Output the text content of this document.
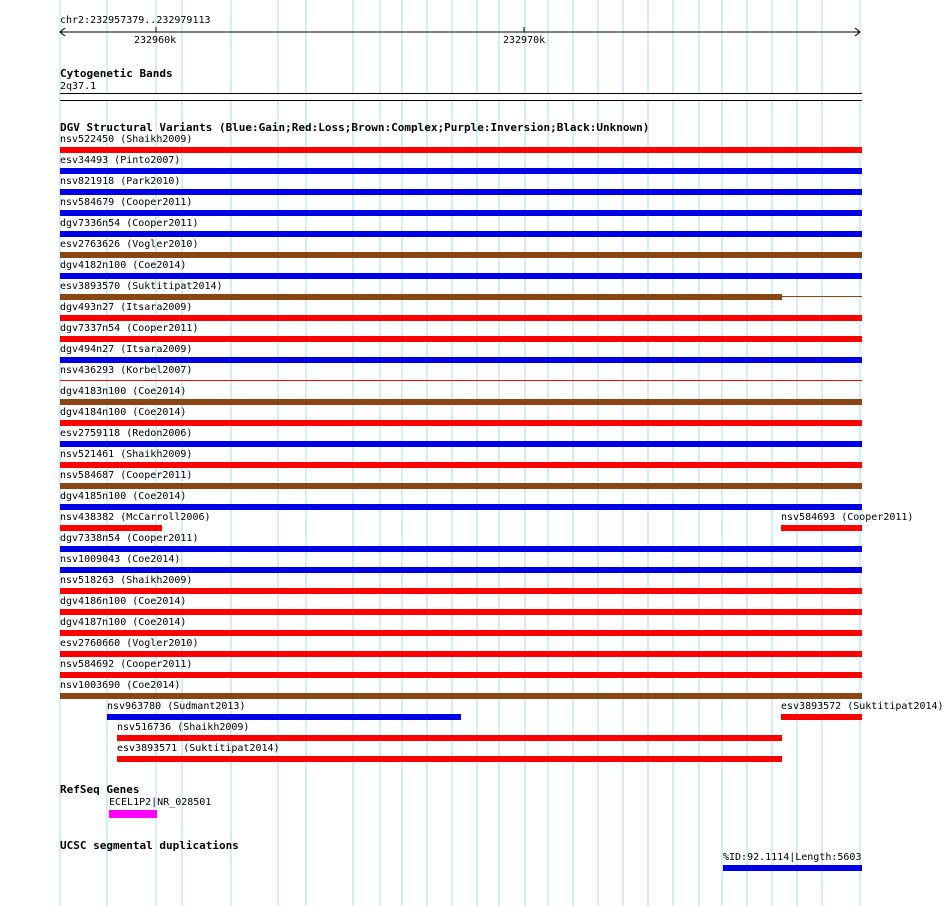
chr2:232957379..232979113
232960k	232970k
Cytogenetic Bands
2q37.1
DGV Structural Variants (Blue:Gain;Red:Loss;Brown:Complex;Purple:Inversion;Black:Unknown)
nsv522450 (Shaikh2009)
esv34493 (Pinto2007)
nsv821918 (Park2010)
nsv584679 (Cooper2011)
dgv7336n54 (Cooper2011)
esv2763626 (Vogler2010)
dgv4182n100 (Coe2014)
esv3893570 (Suktitipat2014)
dgv493n27 (Itsara2009)
dgv7337n54 (Cooper2011)
dgv494n27 (Itsara2009)
nsv436293 (Korbel2007)
dgv4183n100 (Coe2014)
dgv4184n100 (Coe2014)
esv2759118 (Redon2006)
nsv521461 (Shaikh2009)
nsv584687 (Cooper2011)
dgv4185n100 (Coe2014)
nsv438382 (McCarroll2006)	nsv584693 (Cooper2011)
dgv7338n54 (Cooper2011)
nsv1009043 (Coe2014)
nsv518263 (Shaikh2009)
dgv4186n100 (Coe2014)
dgv4187n100 (Coe2014)
esv2760660 (Vogler2010)
nsv584692 (Cooper2011)
nsv1003690 (Coe2014)
nsv963780 (Sudmant2013)	esv3893572 (Suktitipat2014)
nsv516736 (Shaikh2009)
esv3893571 (Suktitipat2014)
RefSeq Genes
ECEL1P2|NR_028501
UCSC segmental duplications
%ID:92.1114|Length:5603
